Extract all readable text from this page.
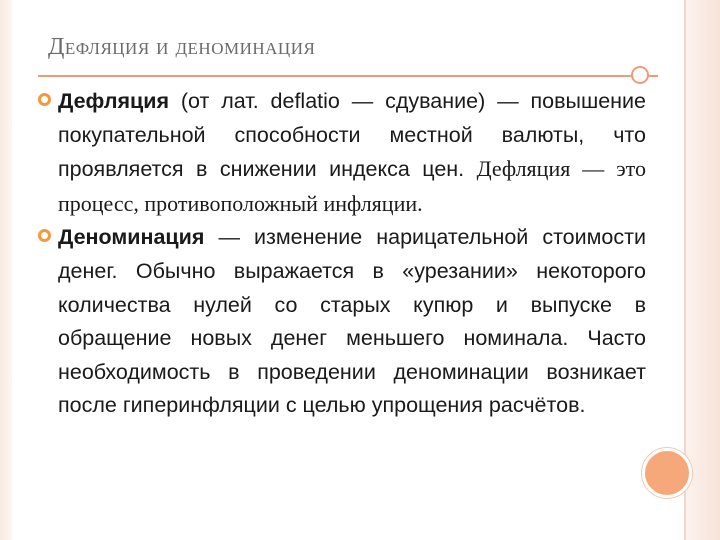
Дефляция и деноминация
Дефляция (от лат. deflatio — сдувание) — повышение покупательной способности местной валюты, что проявляется в снижении индекса цен. Дефляция — это процесс, противоположный инфляции.
Деноминация — изменение нарицательной стоимости денег. Обычно выражается в «урезании» некоторого количества нулей со старых купюр и выпуске в обращение новых денег меньшего номинала. Часто необходимость в проведении деноминации возникает после гиперинфляции с целью упрощения расчётов.
